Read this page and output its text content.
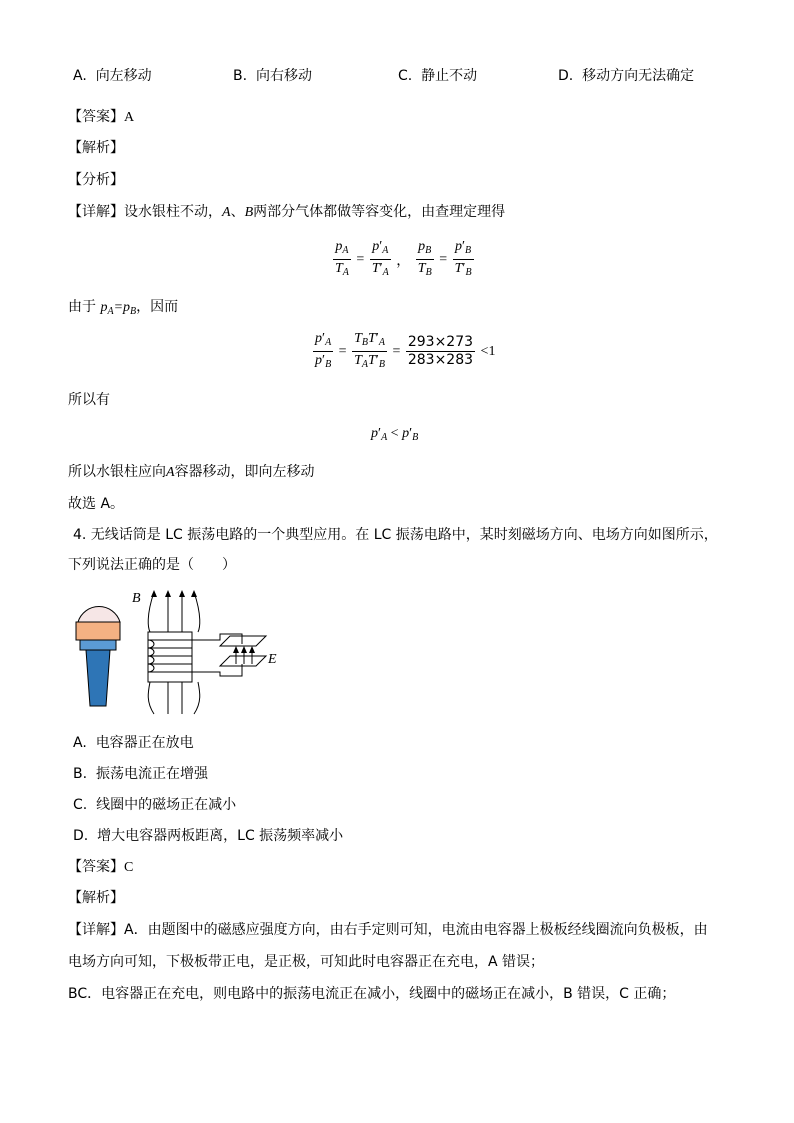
A. 向左移动	B. 向右移动	C. 静止不动	D. 移动方向无法确定
【答案】A
【解析】
【分析】
【详解】设水银柱不动，A、B两部分气体都做等容变化，由查理定理得
$\frac{p_A}{T_A} = \frac{p'_A}{T'_A}$ ， $\frac{p_B}{T_B} = \frac{p'_B}{T'_B}$
由于 $p_A=p_B$，因而
$\frac{p'_A}{p'_B} = \frac{T_BT'_A}{T_AT'_B} = \frac{293\times 273}{283\times 283} <1$
所以有
$p'_A < p'_B$
所以水银柱应向A容器移动，即向左移动
故选 A。
4. 无线话筒是 LC 振荡电路的一个典型应用。在 LC 振荡电路中，某时刻磁场方向、电场方向如图所示，
下列说法正确的是（　　）
B
E
A. 电容器正在放电
B. 振荡电流正在增强
C. 线圈中的磁场正在减小
D. 增大电容器两板距离，LC 振荡频率减小
【答案】C
【解析】
【详解】A．由题图中的磁感应强度方向，由右手定则可知，电流由电容器上极板经线圈流向负极板，由
电场方向可知，下极板带正电，是正极，可知此时电容器正在充电，A 错误；
BC．电容器正在充电，则电路中的振荡电流正在减小，线圈中的磁场正在减小，B 错误，C 正确；
